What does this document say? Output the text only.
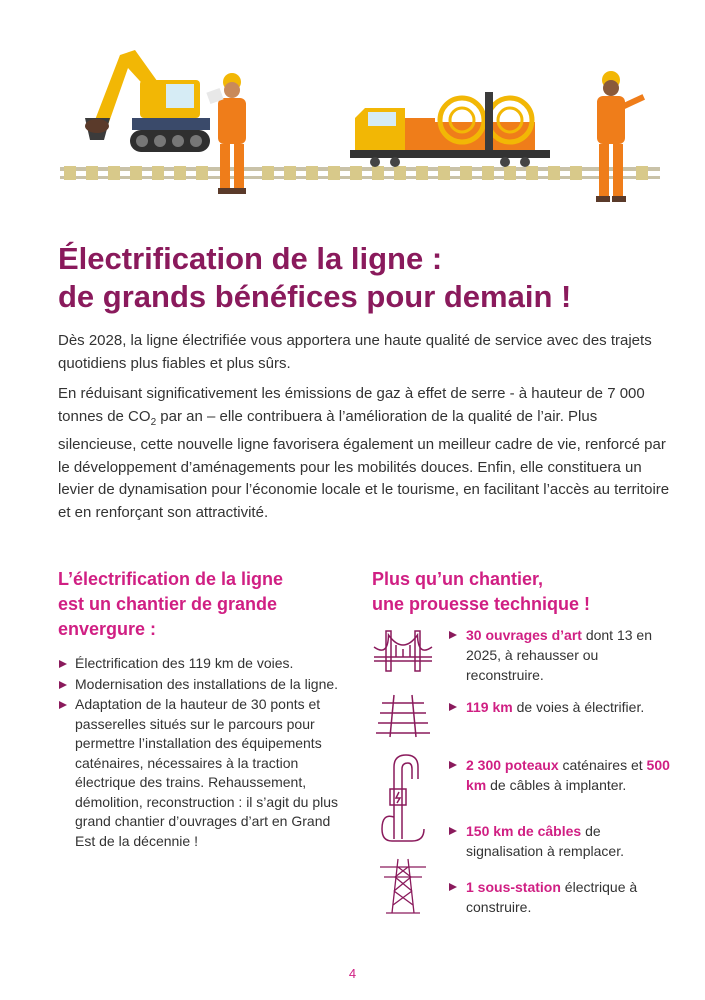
Électrification de la ligne :
de grands bénéfices pour demain !

Dès 2028, la ligne électrifiée vous apportera une haute qualité de service avec des trajets quotidiens plus fiables et plus sûrs.

En réduisant significativement les émissions de gaz à effet de serre - à hauteur de 7 000 tonnes de $CO_2$ par an – elle contribuera à l’amélioration de la qualité de l’air. Plus silencieuse, cette nouvelle ligne favorisera également un meilleur cadre de vie, renforcé par le développement d’aménagements pour les mobilités douces. Enfin, elle constituera un levier de dynamisation pour l’économie locale et le tourisme, en facilitant l’accès au territoire et en renforçant son attractivité.

L’électrification de la ligne
est un chantier de grande
envergure :
Électrification des 119 km de voies.
Modernisation des installations de la ligne.
Adaptation de la hauteur de 30 ponts et passerelles situés sur le parcours pour permettre l’installation des équipements caténaires, nécessaires à la traction électrique des trains. Rehaussement, démolition, reconstruction : il s’agit du plus grand chantier d’ouvrages d’art en Grand Est de la décennie !
Plus qu’un chantier,
une prouesse technique !
30 ouvrages d’art dont 13 en 2025, à rehausser ou reconstruire.
119 km de voies à électrifier.
2 300 poteaux caténaires et 500 km de câbles à implanter.
150 km de câbles de signalisation à remplacer.
1 sous-station électrique à construire.
4
